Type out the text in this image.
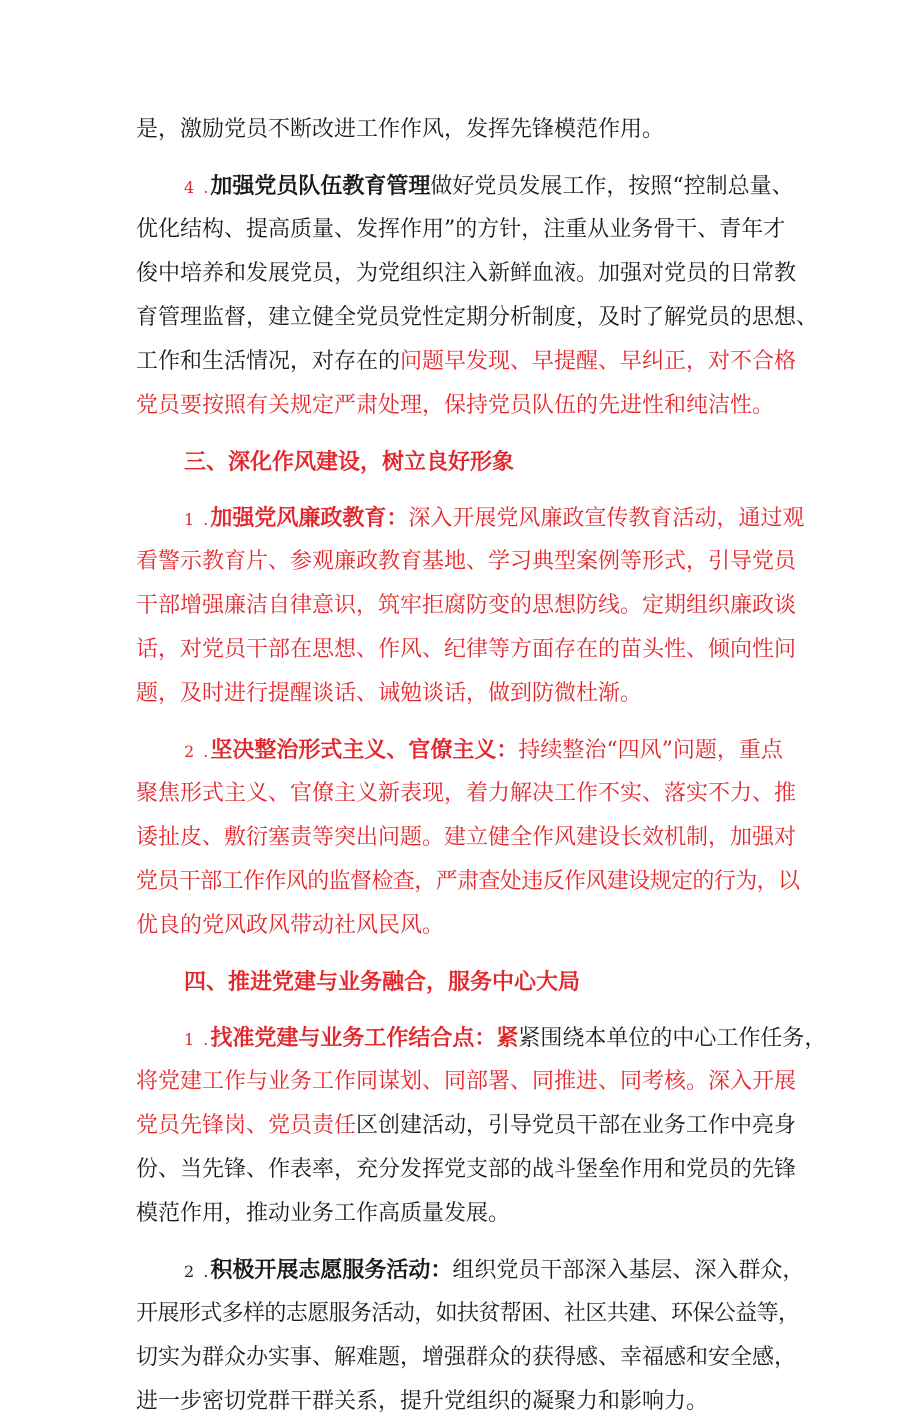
是，激励党员不断改进工作作风，发挥先锋模范作用。
4 .加强党员队伍教育管理做好党员发展工作，按照“控制总量、
优化结构、提高质量、发挥作用”的方针，注重从业务骨干、青年才
俊中培养和发展党员，为党组织注入新鲜血液。加强对党员的日常教
育管理监督，建立健全党员党性定期分析制度，及时了解党员的思想、
工作和生活情况，对存在的问题早发现、早提醒、早纠正，对不合格
党员要按照有关规定严肃处理，保持党员队伍的先进性和纯洁性。
三、深化作风建设，树立良好形象
1 .加强党风廉政教育：深入开展党风廉政宣传教育活动，通过观
看警示教育片、参观廉政教育基地、学习典型案例等形式，引导党员
干部增强廉洁自律意识，筑牢拒腐防变的思想防线。定期组织廉政谈
话，对党员干部在思想、作风、纪律等方面存在的苗头性、倾向性问
题，及时进行提醒谈话、诫勉谈话，做到防微杜渐。
2 .坚决整治形式主义、官僚主义：持续整治“四风”问题，重点
聚焦形式主义、官僚主义新表现，着力解决工作不实、落实不力、推
诿扯皮、敷衍塞责等突出问题。建立健全作风建设长效机制，加强对
党员干部工作作风的监督检查，严肃查处违反作风建设规定的行为，以
优良的党风政风带动社风民风。
四、推进党建与业务融合，服务中心大局
1 .找准党建与业务工作结合点：紧紧围绕本单位的中心工作任务，
将党建工作与业务工作同谋划、同部署、同推进、同考核。深入开展
党员先锋岗、党员责任区创建活动，引导党员干部在业务工作中亮身
份、当先锋、作表率，充分发挥党支部的战斗堡垒作用和党员的先锋
模范作用，推动业务工作高质量发展。
2 .积极开展志愿服务活动：组织党员干部深入基层、深入群众，
开展形式多样的志愿服务活动，如扶贫帮困、社区共建、环保公益等，
切实为群众办实事、解难题，增强群众的获得感、幸福感和安全感，
进一步密切党群干群关系，提升党组织的凝聚力和影响力。
